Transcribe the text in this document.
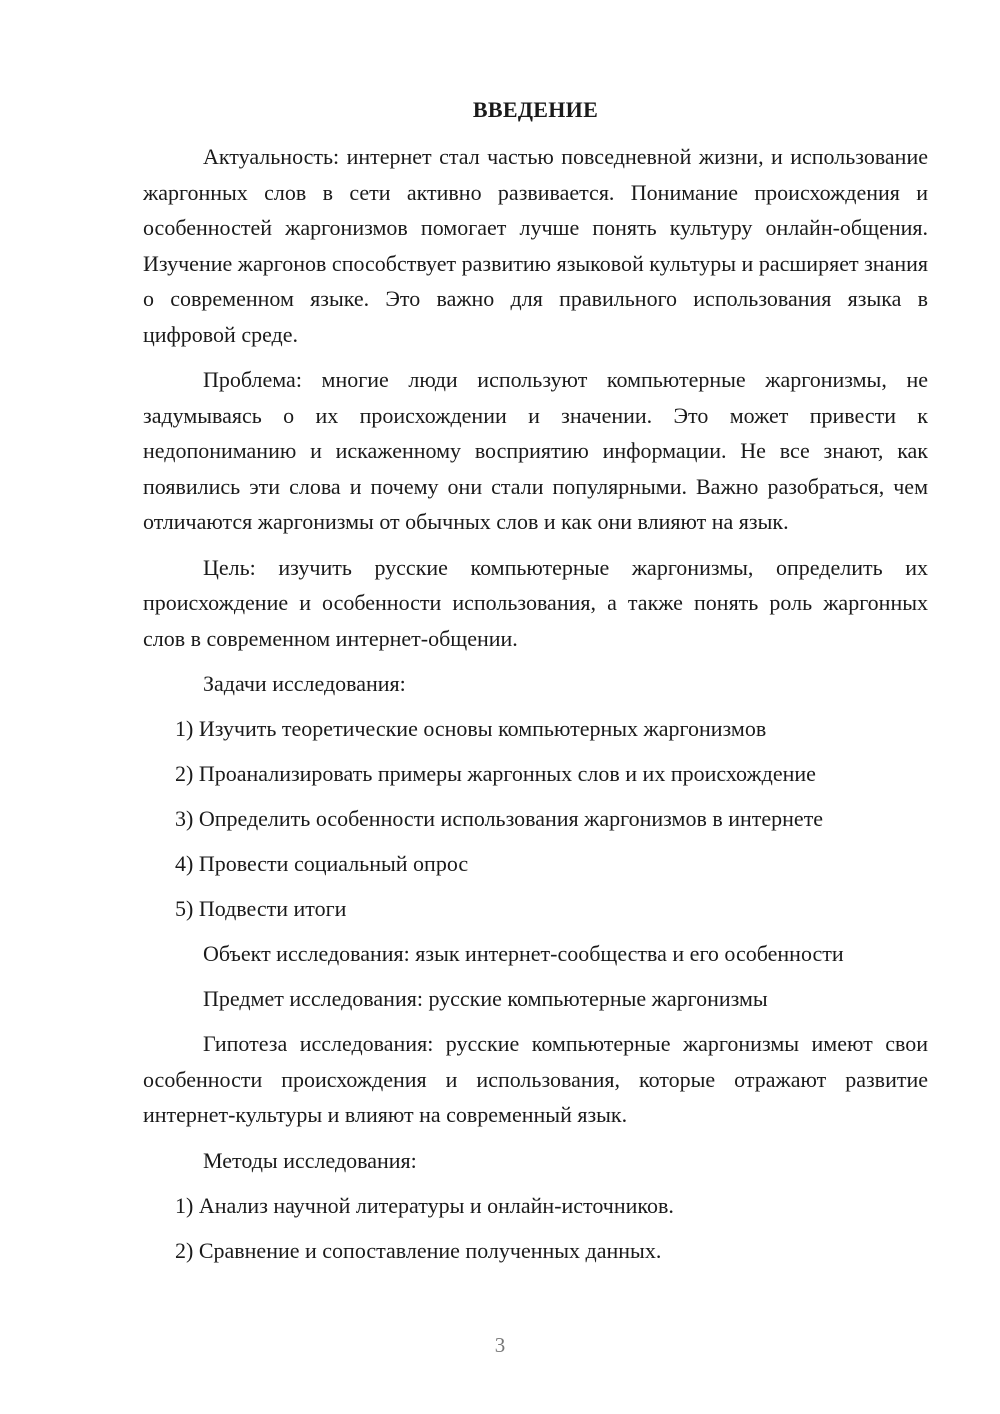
ВВЕДЕНИЕ

Актуальность: интернет стал частью повседневной жизни, и использование жаргонных слов в сети активно развивается. Понимание происхождения и особенностей жаргонизмов помогает лучше понять культуру онлайн-общения. Изучение жаргонов способствует развитию языковой культуры и расширяет знания о современном языке. Это важно для правильного использования языка в цифровой среде.

Проблема: многие люди используют компьютерные жаргонизмы, не задумываясь о их происхождении и значении. Это может привести к недопониманию и искаженному восприятию информации. Не все знают, как появились эти слова и почему они стали популярными. Важно разобраться, чем отличаются жаргонизмы от обычных слов и как они влияют на язык.

Цель: изучить русские компьютерные жаргонизмы, определить их происхождение и особенности использования, а также понять роль жаргонных слов в современном интернет-общении.

Задачи исследования:
1) Изучить теоретические основы компьютерных жаргонизмов
2) Проанализировать примеры жаргонных слов и их происхождение
3) Определить особенности использования жаргонизмов в интернете
4) Провести социальный опрос
5) Подвести итоги
Объект исследования: язык интернет-сообщества и его особенности
Предмет исследования: русские компьютерные жаргонизмы

Гипотеза исследования: русские компьютерные жаргонизмы имеют свои особенности происхождения и использования, которые отражают развитие интернет-культуры и влияют на современный язык.

Методы исследования:
1) Анализ научной литературы и онлайн-источников.
2) Сравнение и сопоставление полученных данных.
3
